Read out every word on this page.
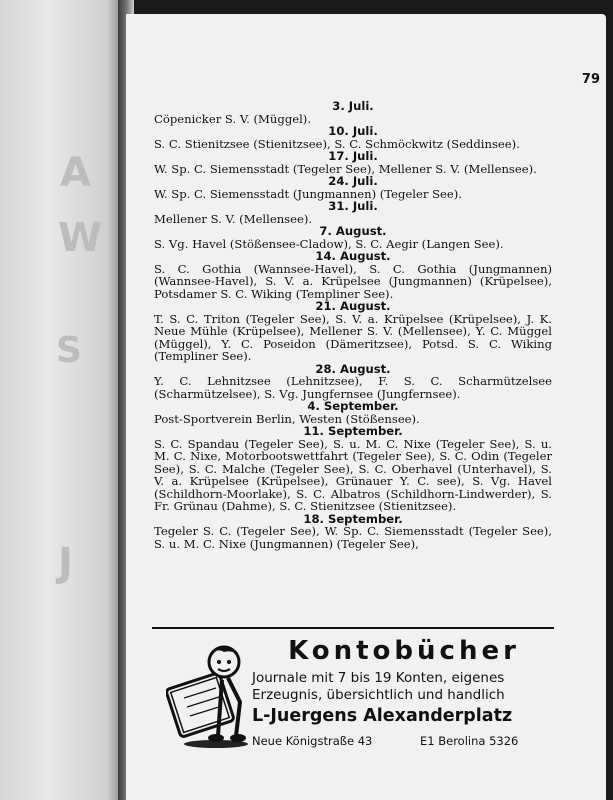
A
W
S
J
79
3. Juli.
Cöpenicker S. V. (Müggel).
10. Juli.
S. C. Stienitzsee (Stienitzsee), S. C. Schmöckwitz (Seddinsee).
17. Juli.
W. Sp. C. Siemensstadt (Tegeler See), Mellener S. V. (Mellensee).
24. Juli.
W. Sp. C. Siemensstadt (Jungmannen) (Tegeler See).
31. Juli.
Mellener S. V. (Mellensee).
7. August.
S. Vg. Havel (Stößensee-Cladow), S. C. Aegir (Langen See).
14. August.
S. C. Gothia (Wannsee-Havel), S. C. Gothia (Jungmannen) (Wannsee-Havel), S. V. a. Krüpelsee (Jungmannen) (Krüpelsee), Potsdamer S. C. Wiking (Templiner See).
21. August.
T. S. C. Triton (Tegeler See), S. V. a. Krüpelsee (Krüpelsee), J. K. Neue Mühle (Krüpelsee), Mellener S. V. (Mellensee), Y. C. Müggel (Müggel), Y. C. Poseidon (Dämeritzsee), Potsd. S. C. Wiking (Templiner See).
28. August.
Y. C. Lehnitzsee (Lehnitzsee), F. S. C. Scharmützelsee (Scharmützelsee), S. Vg. Jungfernsee (Jungfernsee).
4. September.
Post-Sportverein Berlin, Westen (Stößensee).
11. September.
S. C. Spandau (Tegeler See), S. u. M. C. Nixe (Tegeler See), S. u. M. C. Nixe, Motorbootswettfahrt (Tegeler See), S. C. Odin (Tegeler See), S. C. Malche (Tegeler See), S. C. Oberhavel (Unterhavel), S. V. a. Krüpelsee (Krüpelsee), Grünauer Y. C. see), S. Vg. Havel (Schildhorn-Moorlake), S. C. Albatros (Schildhorn-Lindwerder), S. Fr. Grünau (Dahme), S. C. Stienitzsee (Stienitzsee).
18. September.
Tegeler S. C. (Tegeler See), W. Sp. C. Siemensstadt (Tegeler See), S. u. M. C. Nixe (Jungmannen) (Tegeler See),
Kontobücher
Journale mit 7 bis 19 Konten, eigenes
Erzeugnis, übersichtlich und handlich
L-Juergens Alexanderplatz
Neue Königstraße 43	E1 Berolina 5326
